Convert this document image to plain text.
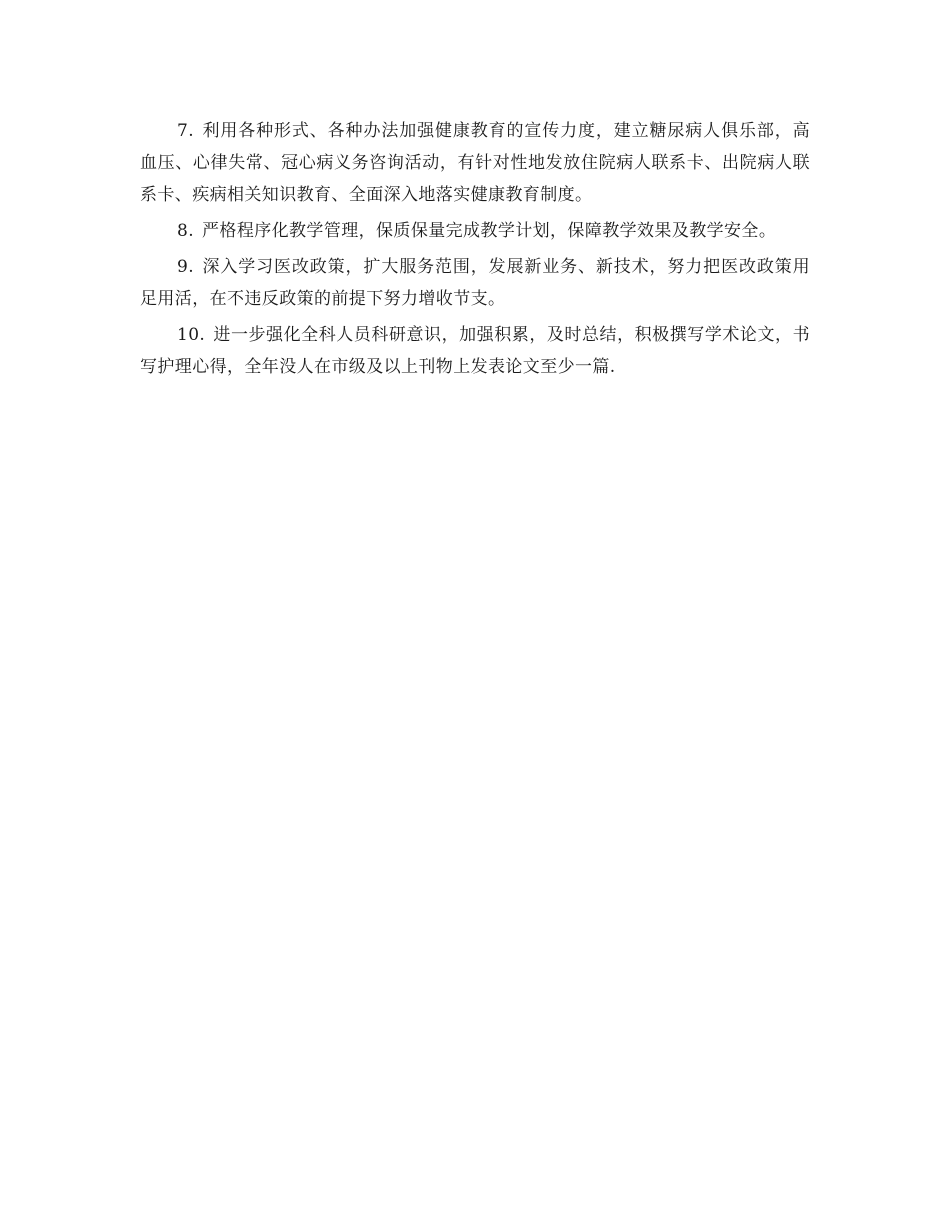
7. 利用各种形式、各种办法加强健康教育的宣传力度，建立糖尿病人俱乐部，高血压、心律失常、冠心病义务咨询活动，有针对性地发放住院病人联系卡、出院病人联系卡、疾病相关知识教育、全面深入地落实健康教育制度。

8. 严格程序化教学管理，保质保量完成教学计划，保障教学效果及教学安全。

9. 深入学习医改政策，扩大服务范围，发展新业务、新技术，努力把医改政策用足用活，在不违反政策的前提下努力增收节支。

10. 进一步强化全科人员科研意识，加强积累，及时总结，积极撰写学术论文，书写护理心得，全年没人在市级及以上刊物上发表论文至少一篇.
